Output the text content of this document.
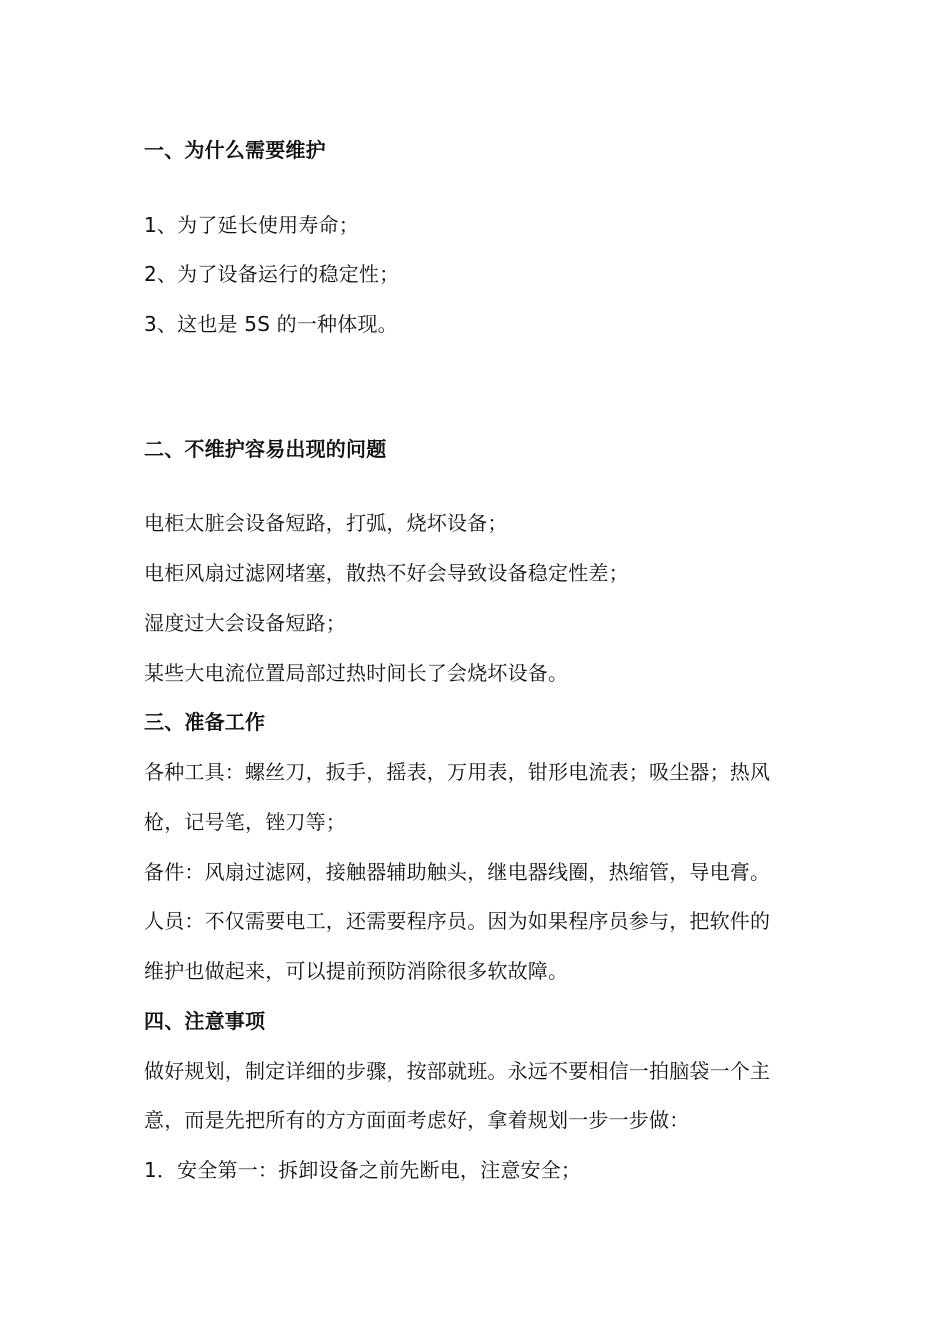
一、为什么需要维护
1、为了延长使用寿命；
2、为了设备运行的稳定性；
3、这也是 5S 的一种体现。
二、不维护容易出现的问题
电柜太脏会设备短路，打弧，烧坏设备；
电柜风扇过滤网堵塞，散热不好会导致设备稳定性差；
湿度过大会设备短路；
某些大电流位置局部过热时间长了会烧坏设备。
三、准备工作
各种工具：螺丝刀，扳手，摇表，万用表，钳形电流表；吸尘器；热风
枪，记号笔，锉刀等；
备件：风扇过滤网，接触器辅助触头，继电器线圈，热缩管，导电膏。
人员：不仅需要电工，还需要程序员。因为如果程序员参与，把软件的
维护也做起来，可以提前预防消除很多软故障。
四、注意事项
做好规划，制定详细的步骤，按部就班。永远不要相信一拍脑袋一个主
意，而是先把所有的方方面面考虑好，拿着规划一步一步做：
1．安全第一：拆卸设备之前先断电，注意安全；
